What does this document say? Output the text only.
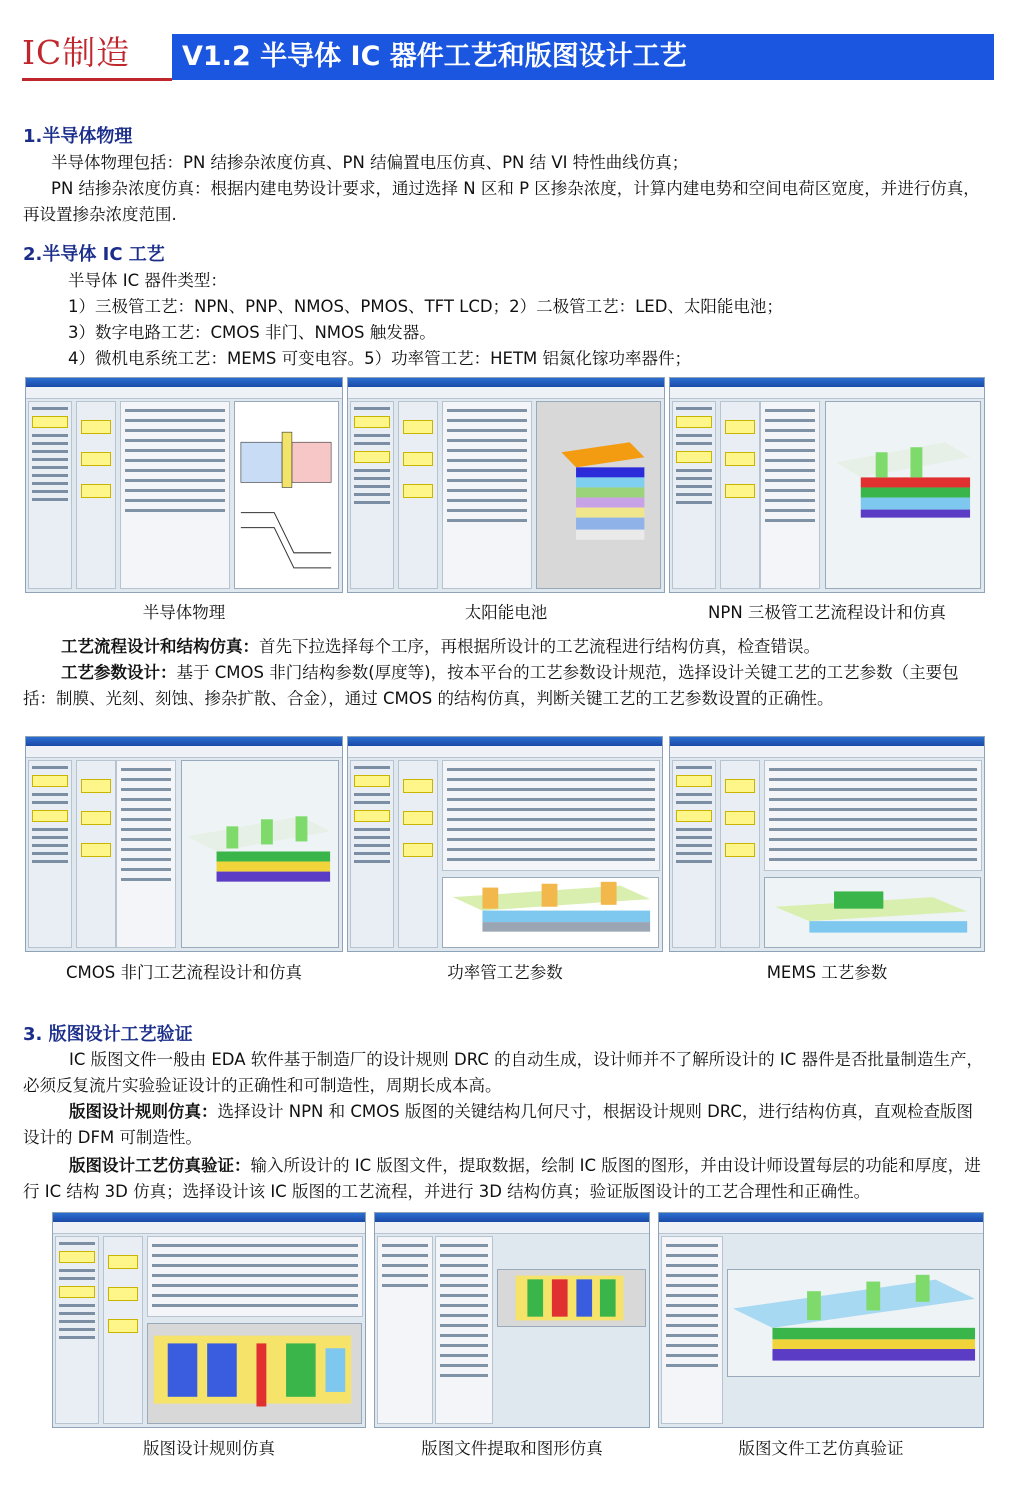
IC制造	V1.2 半导体 IC 器件工艺和版图设计工艺
1.半导体物理
半导体物理包括：PN 结掺杂浓度仿真、PN 结偏置电压仿真、PN 结 VI 特性曲线仿真；
PN 结掺杂浓度仿真：根据内建电势设计要求，通过选择 N 区和 P 区掺杂浓度，计算内建电势和空间电荷区宽度，并进行仿真，再设置掺杂浓度范围.
2.半导体 IC 工艺
半导体 IC 器件类型：
1）三极管工艺：NPN、PNP、NMOS、PMOS、TFT LCD；2）二极管工艺：LED、太阳能电池；
3）数字电路工艺：CMOS 非门、NMOS 触发器。
4）微机电系统工艺：MEMS 可变电容。5）功率管工艺：HETM 铝氮化镓功率器件；
半导体物理	太阳能电池	NPN 三极管工艺流程设计和仿真
工艺流程设计和结构仿真：首先下拉选择每个工序，再根据所设计的工艺流程进行结构仿真，检查错误。
工艺参数设计：基于 CMOS 非门结构参数(厚度等)，按本平台的工艺参数设计规范，选择设计关键工艺的工艺参数（主要包括：制膜、光刻、刻蚀、掺杂扩散、合金），通过 CMOS 的结构仿真，判断关键工艺的工艺参数设置的正确性。
CMOS 非门工艺流程设计和仿真	功率管工艺参数	MEMS 工艺参数
3. 版图设计工艺验证
IC 版图文件一般由 EDA 软件基于制造厂的设计规则 DRC 的自动生成，设计师并不了解所设计的 IC 器件是否批量制造生产，必须反复流片实验验证设计的正确性和可制造性，周期长成本高。
版图设计规则仿真：选择设计 NPN 和 CMOS 版图的关键结构几何尺寸，根据设计规则 DRC，进行结构仿真，直观检查版图设计的 DFM 可制造性。
版图设计工艺仿真验证：输入所设计的 IC 版图文件，提取数据，绘制 IC 版图的图形，并由设计师设置每层的功能和厚度，进行 IC 结构 3D 仿真；选择设计该 IC 版图的工艺流程，并进行 3D 结构仿真；验证版图设计的工艺合理性和正确性。
版图设计规则仿真	版图文件提取和图形仿真	版图文件工艺仿真验证
